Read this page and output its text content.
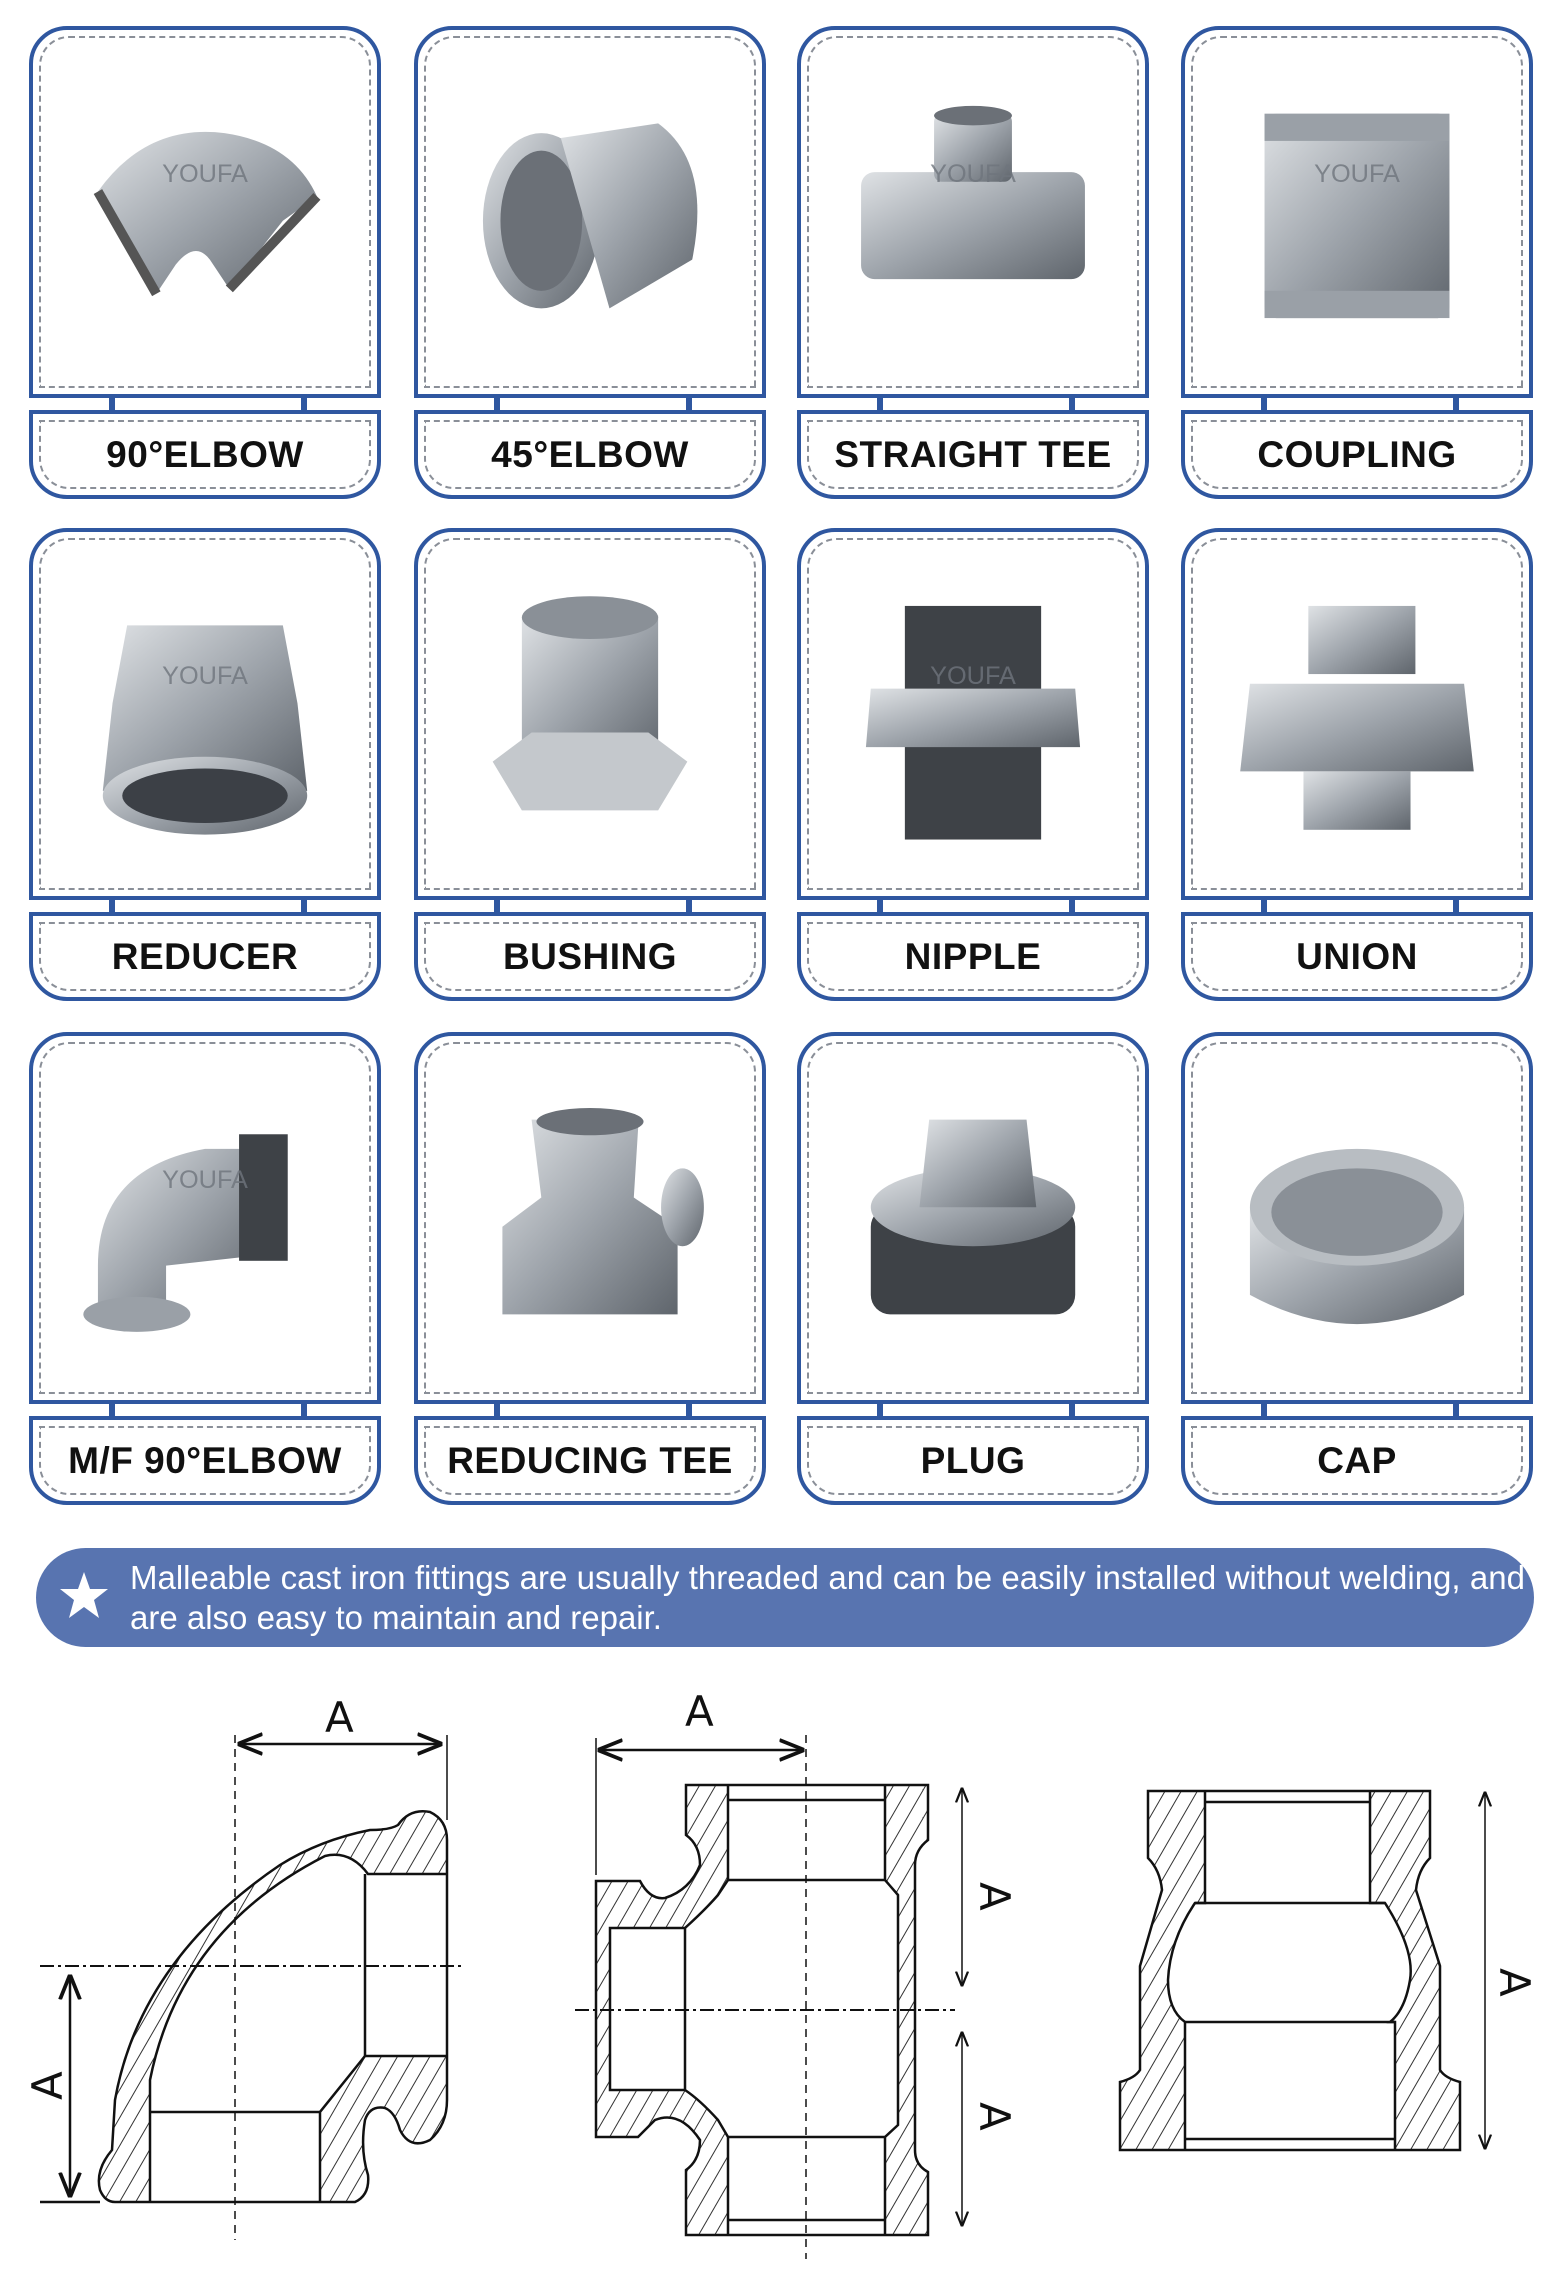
YOUFA
90°ELBOW	45°ELBOW
YOUFA
STRAIGHT TEE
YOUFA
COUPLING
YOUFA
REDUCER	BUSHING
YOUFA
NIPPLE	UNION
YOUFA
M/F 90°ELBOW	REDUCING TEE	PLUG	CAP

Malleable cast iron fittings are usually threaded and can be easily installed without welding, and are also easy to maintain and repair.

A
A
A
A
A
A
